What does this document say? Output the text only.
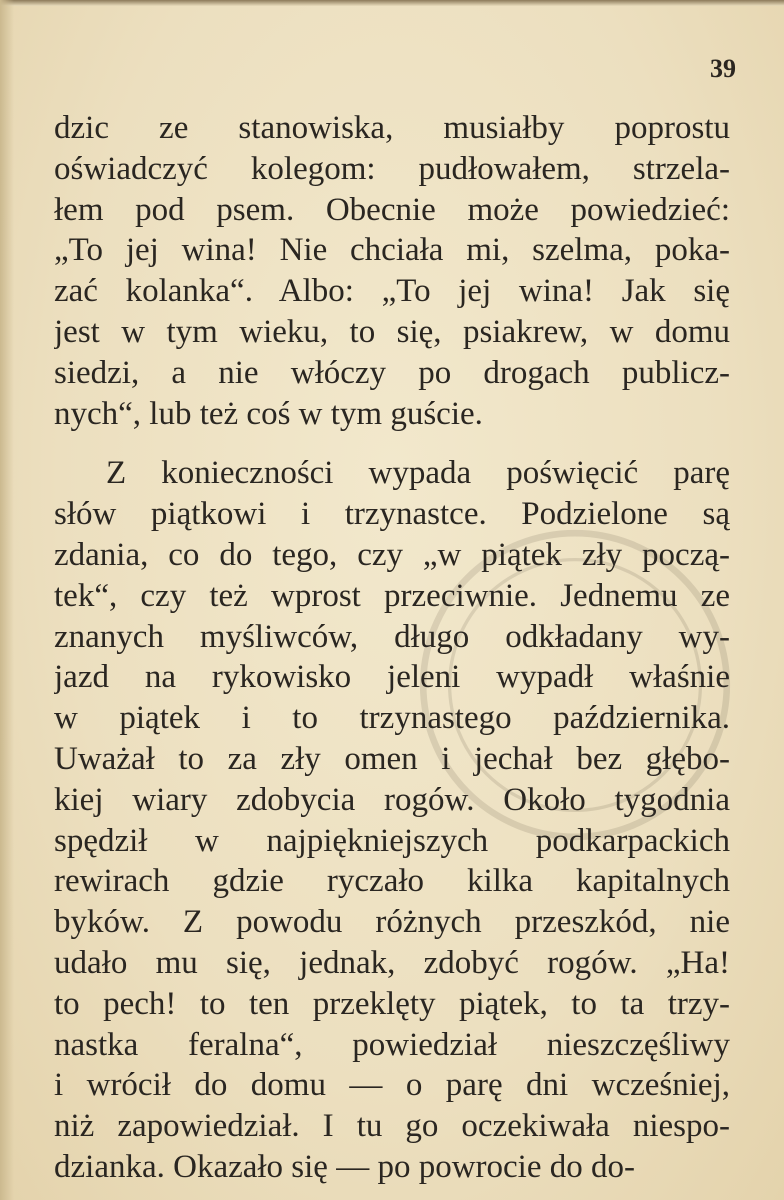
39
dzic ze stanowiska, musiałby poprostu
oświadczyć kolegom: pudłowałem, strzela-
łem pod psem. Obecnie może powiedzieć:
„To jej wina! Nie chciała mi, szelma, poka-
zać kolanka“. Albo: „To jej wina! Jak się
jest w tym wieku, to się, psiakrew, w domu
siedzi, a nie włóczy po drogach publicz-
nych“, lub też coś w tym guście.
Z konieczności wypada poświęcić parę
słów piątkowi i trzynastce. Podzielone są
zdania, co do tego, czy „w piątek zły począ-
tek“, czy też wprost przeciwnie. Jednemu ze
znanych myśliwców, długo odkładany wy-
jazd na rykowisko jeleni wypadł właśnie
w piątek i to trzynastego października.
Uważał to za zły omen i jechał bez głębo-
kiej wiary zdobycia rogów. Około tygodnia
spędził w najpiękniejszych podkarpackich
rewirach gdzie ryczało kilka kapitalnych
byków. Z powodu różnych przeszkód, nie
udało mu się, jednak, zdobyć rogów. „Ha!
to pech! to ten przeklęty piątek, to ta trzy-
nastka feralna“, powiedział nieszczęśliwy
i wrócił do domu — o parę dni wcześniej,
niż zapowiedział. I tu go oczekiwała niespo-
dzianka. Okazało się — po powrocie do do-
